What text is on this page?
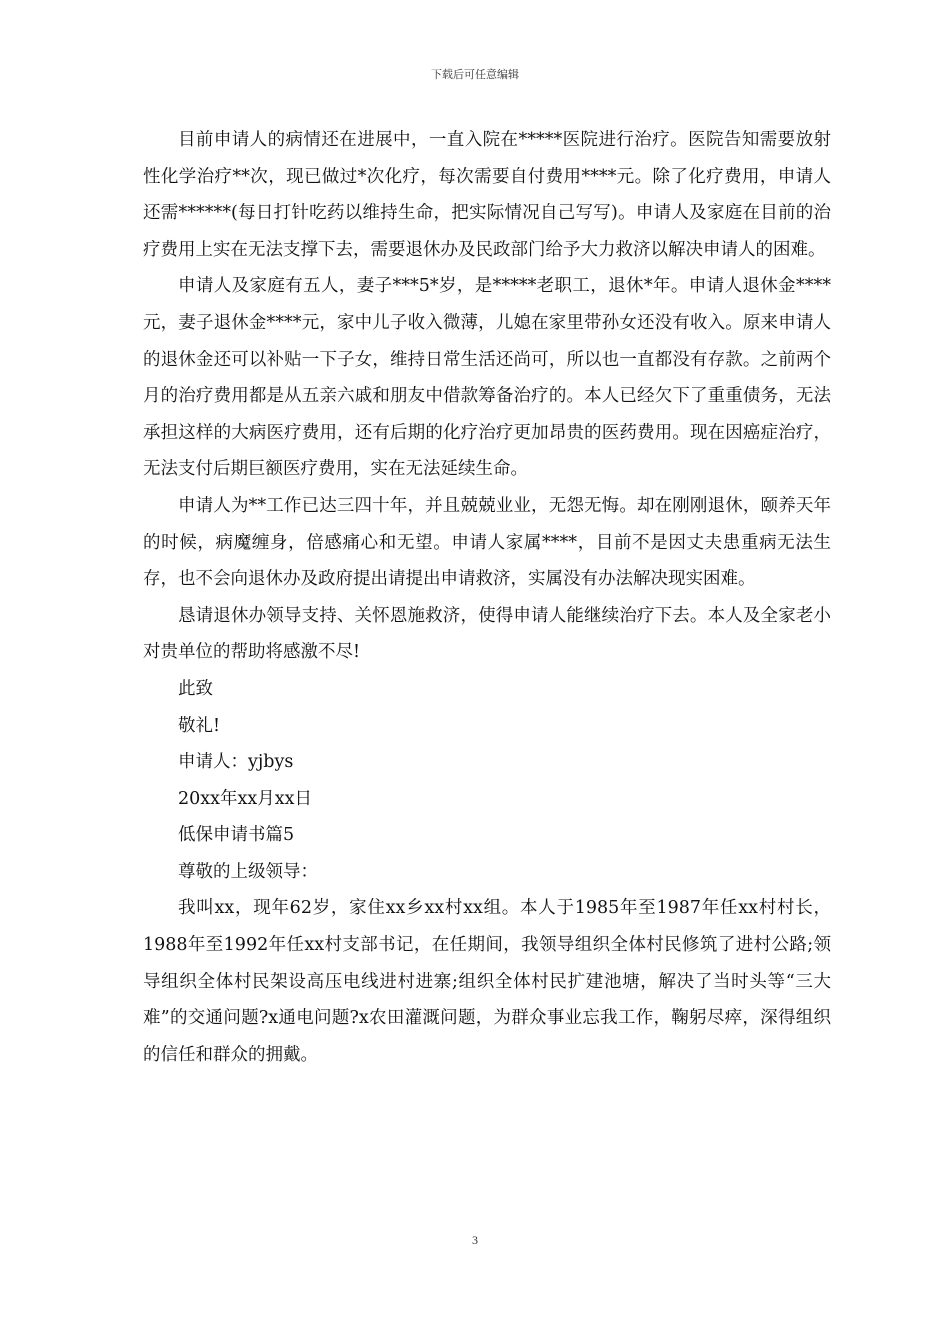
下载后可任意编辑

目前申请人的病情还在进展中，一直入院在*****医院进行治疗。医院告知需要放射性化学治疗**次，现已做过*次化疗，每次需要自付费用****元。除了化疗费用，申请人还需******(每日打针吃药以维持生命，把实际情况自己写写)。申请人及家庭在目前的治疗费用上实在无法支撑下去，需要退休办及民政部门给予大力救济以解决申请人的困难。

申请人及家庭有五人，妻子***5*岁，是*****老职工，退休*年。申请人退休金****元，妻子退休金****元，家中儿子收入微薄，儿媳在家里带孙女还没有收入。原来申请人的退休金还可以补贴一下子女，维持日常生活还尚可，所以也一直都没有存款。之前两个月的治疗费用都是从五亲六戚和朋友中借款筹备治疗的。本人已经欠下了重重债务，无法承担这样的大病医疗费用，还有后期的化疗治疗更加昂贵的医药费用。现在因癌症治疗，无法支付后期巨额医疗费用，实在无法延续生命。

申请人为**工作已达三四十年，并且兢兢业业，无怨无悔。却在刚刚退休，颐养天年的时候，病魔缠身，倍感痛心和无望。申请人家属****，目前不是因丈夫患重病无法生存，也不会向退休办及政府提出请提出申请救济，实属没有办法解决现实困难。

恳请退休办领导支持、关怀恩施救济，使得申请人能继续治疗下去。本人及全家老小对贵单位的帮助将感激不尽!

此致

敬礼!

申请人：yjbys

20xx年xx月xx日

低保申请书篇5

尊敬的上级领导：

我叫xx，现年62岁，家住xx乡xx村xx组。本人于1985年至1987年任xx村村长，1988年至1992年任xx村支部书记，在任期间，我领导组织全体村民修筑了进村公路;领导组织全体村民架设高压电线进村进寨;组织全体村民扩建池塘，解决了当时头等“三大难”的交通问题?x通电问题?x农田灌溉问题，为群众事业忘我工作，鞠躬尽瘁，深得组织的信任和群众的拥戴。

3
